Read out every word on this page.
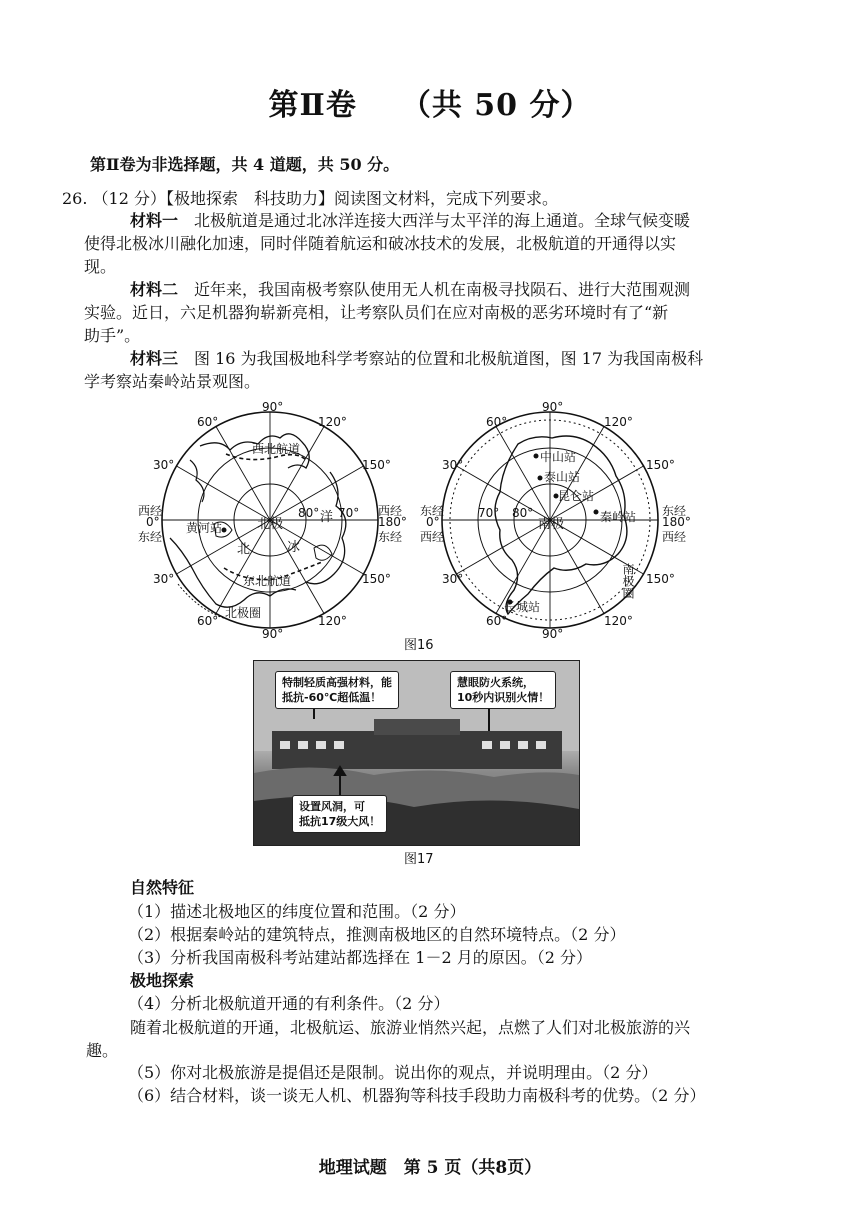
第Ⅱ卷 （共 50 分）
第Ⅱ卷为非选择题，共 4 道题，共 50 分。
26. （12 分）【极地探索　科技助力】阅读图文材料，完成下列要求。
材料一　 北极航道是通过北冰洋连接大西洋与太平洋的海上通道。全球气候变暖
使得北极冰川融化加速，同时伴随着航运和破冰技术的发展，北极航道的开通得以实
现。
材料二　 近年来，我国南极考察队使用无人机在南极寻找陨石、进行大范围观测
实验。近日，六足机器狗崭新亮相，让考察队员们在应对南极的恶劣环境时有了“新
助手”。
材料三　 图 16 为我国极地科学考察站的位置和北极航道图，图 17 为我国南极科
学考察站秦岭站景观图。
90°
60°	120°
30°	150°
西经
0°
东经
西经
180°
东经
80° 70°
北极	洋
北	冰
西北航道
东北航道
黄河站
北极圈
30°	150°
60°	120°
90°
90°
60°	120°
30°	150°
东经
0°
西经
东经
180°
西经
70° 80°
南极
中山站
泰山站
昆仑站
秦岭站
长城站
南极圈
30°	150°
60°	120°
90°
图16
特制轻质高强材料，能
抵抗-60℃超低温！
慧眼防火系统，
10秒内识别火情！
设置风洞，可
抵抗17级大风！
图17
自然特征
（1）描述北极地区的纬度位置和范围。（2 分）
（2）根据秦岭站的建筑特点，推测南极地区的自然环境特点。（2 分）
（3）分析我国南极科考站建站都选择在 1－2 月的原因。（2 分）
极地探索
（4）分析北极航道开通的有利条件。（2 分）
随着北极航道的开通，北极航运、旅游业悄然兴起，点燃了人们对北极旅游的兴
趣。
（5）你对北极旅游是提倡还是限制。说出你的观点，并说明理由。（2 分）
（6）结合材料，谈一谈无人机、机器狗等科技手段助力南极科考的优势。（2 分）
地理试题　第 5 页（共8页）
